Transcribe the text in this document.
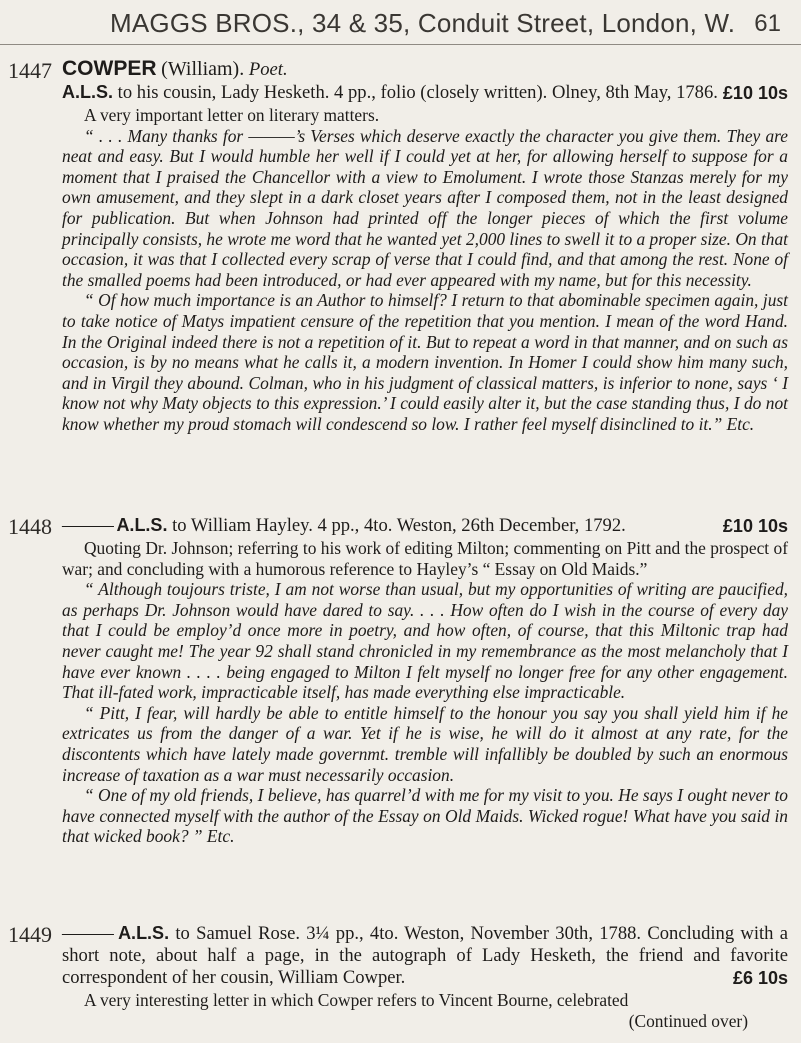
MAGGS BROS., 34 & 35, Conduit Street, London, W. 61
1447 COWPER (William). Poet.
A.L.S. to his cousin, Lady Hesketh. 4 pp., folio (closely written). Olney, 8th May, 1786. £10 10s

A very important letter on literary matters.

“ . . . Many thanks for ———’s Verses which deserve exactly the character you give them. They are neat and easy. But I would humble her well if I could yet at her, for allowing herself to suppose for a moment that I praised the Chancellor with a view to Emolument. I wrote those Stanzas merely for my own amusement, and they slept in a dark closet years after I composed them, not in the least designed for publication. But when Johnson had printed off the longer pieces of which the first volume principally consists, he wrote me word that he wanted yet 2,000 lines to swell it to a proper size. On that occasion, it was that I collected every scrap of verse that I could find, and that among the rest. None of the smalled poems had been introduced, or had ever appeared with my name, but for this necessity.

“ Of how much importance is an Author to himself? I return to that abominable specimen again, just to take notice of Matys impatient censure of the repetition that you mention. I mean of the word Hand. In the Original indeed there is not a repetition of it. But to repeat a word in that manner, and on such as occasion, is by no means what he calls it, a modern invention. In Homer I could show him many such, and in Virgil they abound. Colman, who in his judgment of classical matters, is inferior to none, says ‘ I know not why Maty objects to this expression.’ I could easily alter it, but the case standing thus, I do not know whether my proud stomach will condescend so low. I rather feel myself disinclined to it.” Etc.

1448 ——— A.L.S. to William Hayley. 4 pp., 4to. Weston, 26th December, 1792.	£10 10s

Quoting Dr. Johnson; referring to his work of editing Milton; commenting on Pitt and the prospect of war; and concluding with a humorous reference to Hayley’s “ Essay on Old Maids.”

“ Although toujours triste, I am not worse than usual, but my opportunities of writing are paucified, as perhaps Dr. Johnson would have dared to say. . . . How often do I wish in the course of every day that I could be employ’d once more in poetry, and how often, of course, that this Miltonic trap had never caught me! The year 92 shall stand chronicled in my remembrance as the most melancholy that I have ever known . . . . being engaged to Milton I felt myself no longer free for any other engagement. That ill-fated work, impracticable itself, has made everything else impracticable.

“ Pitt, I fear, will hardly be able to entitle himself to the honour you say you shall yield him if he extricates us from the danger of a war. Yet if he is wise, he will do it almost at any rate, for the discontents which have lately made governmt. tremble will infallibly be doubled by such an enormous increase of taxation as a war must necessarily occasion.

“ One of my old friends, I believe, has quarrel’d with me for my visit to you. He says I ought never to have connected myself with the author of the Essay on Old Maids. Wicked rogue! What have you said in that wicked book? ” Etc.

1449 ——— A.L.S. to Samuel Rose. 3¼ pp., 4to. Weston, November 30th, 1788. Concluding with a short note, about half a page, in the autograph of Lady Hesketh, the friend and favorite correspondent of her cousin, William Cowper.	£6 10s

A very interesting letter in which Cowper refers to Vincent Bourne, celebrated

(Continued over)
